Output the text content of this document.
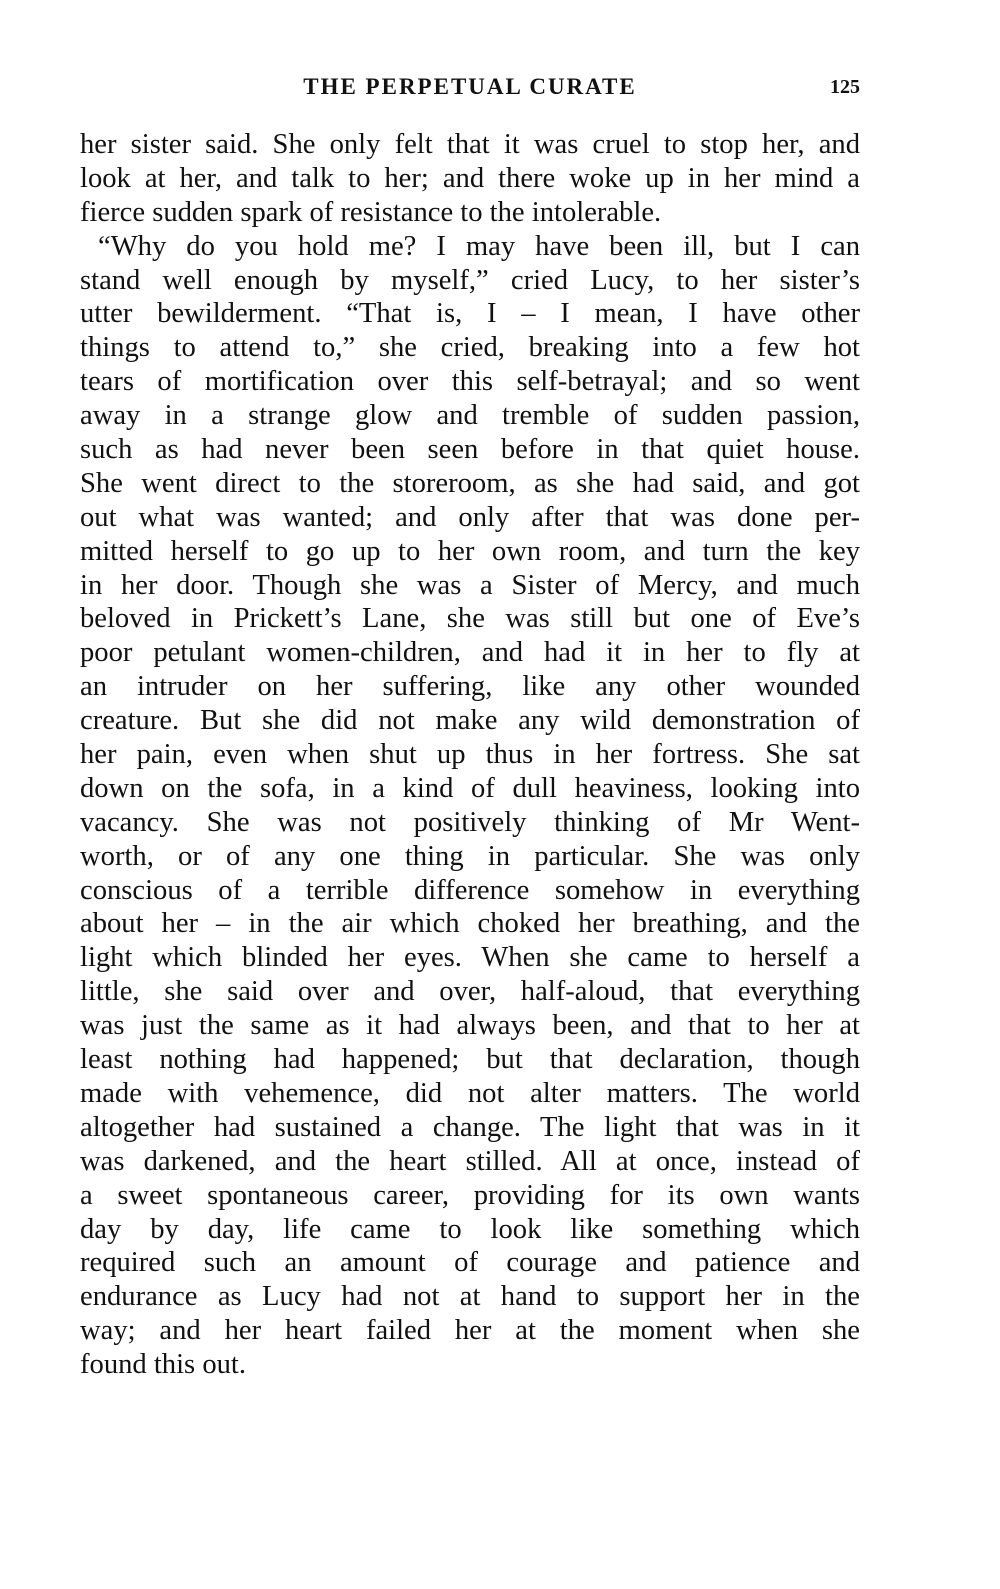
THE PERPETUAL CURATE	125
her sister said. She only felt that it was cruel to stop her, and
look at her, and talk to her; and there woke up in her mind a
fierce sudden spark of resistance to the intolerable.
“Why do you hold me? I may have been ill, but I can
stand well enough by myself,” cried Lucy, to her sister’s
utter bewilderment. “That is, I – I mean, I have other
things to attend to,” she cried, breaking into a few hot
tears of mortification over this self-betrayal; and so went
away in a strange glow and tremble of sudden passion,
such as had never been seen before in that quiet house.
She went direct to the storeroom, as she had said, and got
out what was wanted; and only after that was done per-
mitted herself to go up to her own room, and turn the key
in her door. Though she was a Sister of Mercy, and much
beloved in Prickett’s Lane, she was still but one of Eve’s
poor petulant women-children, and had it in her to fly at
an intruder on her suffering, like any other wounded
creature. But she did not make any wild demonstration of
her pain, even when shut up thus in her fortress. She sat
down on the sofa, in a kind of dull heaviness, looking into
vacancy. She was not positively thinking of Mr Went-
worth, or of any one thing in particular. She was only
conscious of a terrible difference somehow in everything
about her – in the air which choked her breathing, and the
light which blinded her eyes. When she came to herself a
little, she said over and over, half-aloud, that everything
was just the same as it had always been, and that to her at
least nothing had happened; but that declaration, though
made with vehemence, did not alter matters. The world
altogether had sustained a change. The light that was in it
was darkened, and the heart stilled. All at once, instead of
a sweet spontaneous career, providing for its own wants
day by day, life came to look like something which
required such an amount of courage and patience and
endurance as Lucy had not at hand to support her in the
way; and her heart failed her at the moment when she
found this out.
